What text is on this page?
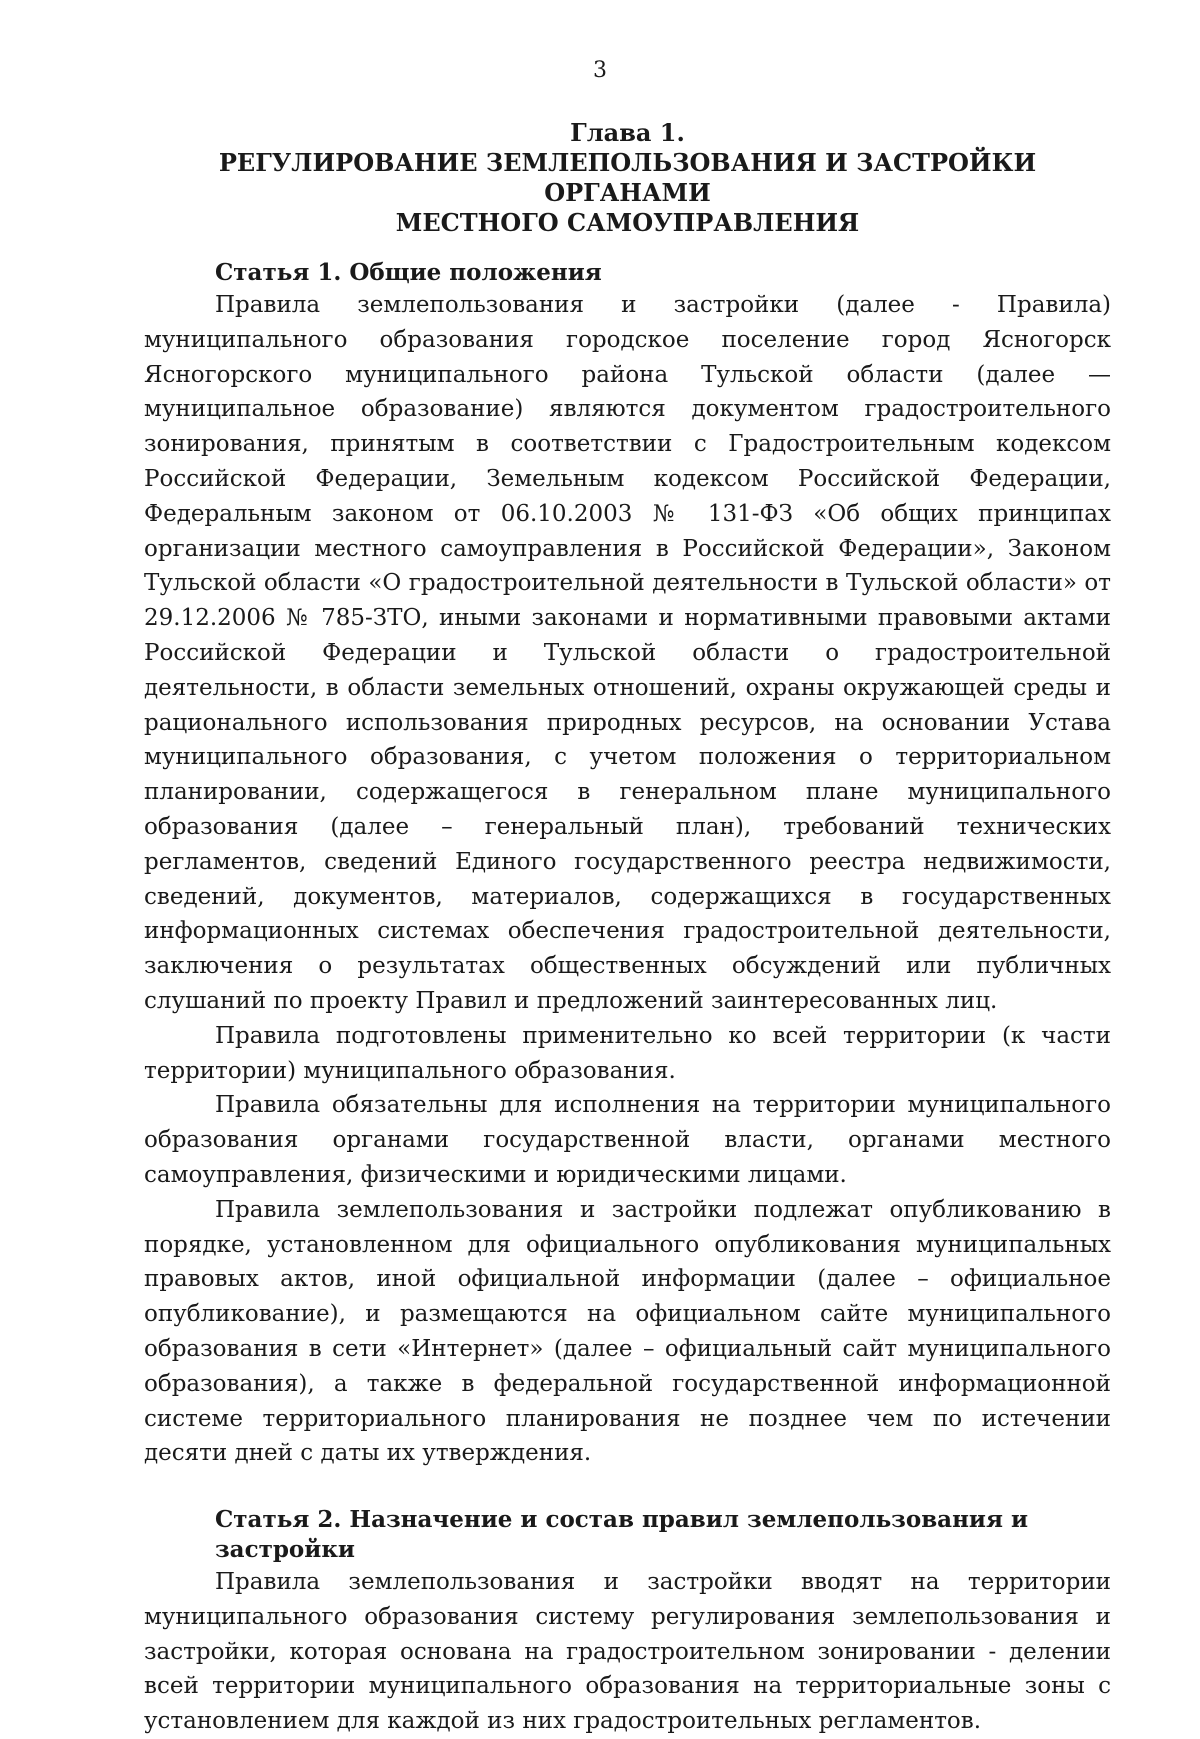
3
Глава 1.
РЕГУЛИРОВАНИЕ ЗЕМЛЕПОЛЬЗОВАНИЯ И ЗАСТРОЙКИ ОРГАНАМИ
МЕСТНОГО САМОУПРАВЛЕНИЯ
Статья 1. Общие положения

Правила землепользования и застройки (далее - Правила) муниципального образования городское поселение город Ясногорск Ясногорского муниципального района Тульской области (далее — муниципальное образование) являются документом градостроительного зонирования, принятым в соответствии с Градостроительным кодексом Российской Федерации, Земельным кодексом Российской Федерации, Федеральным законом от 06.10.2003 № 131-ФЗ «Об общих принципах организации местного самоуправления в Российской Федерации», Законом Тульской области «О градостроительной деятельности в Тульской области» от 29.12.2006 № 785-ЗТО, иными законами и нормативными правовыми актами Российской Федерации и Тульской области о градостроительной деятельности, в области земельных отношений, охраны окружающей среды и рационального использования природных ресурсов, на основании Устава муниципального образования, с учетом положения о территориальном планировании, содержащегося в генеральном плане муниципального образования (далее – генеральный план), требований технических регламентов, сведений Единого государственного реестра недвижимости, сведений, документов, материалов, содержащихся в государственных информационных системах обеспечения градостроительной деятельности, заключения о результатах общественных обсуждений или публичных слушаний по проекту Правил и предложений заинтересованных лиц.

Правила подготовлены применительно ко всей территории (к части территории) муниципального образования.

Правила обязательны для исполнения на территории муниципального образования органами государственной власти, органами местного самоуправления, физическими и юридическими лицами.

Правила землепользования и застройки подлежат опубликованию в порядке, установленном для официального опубликования муниципальных правовых актов, иной официальной информации (далее – официальное опубликование), и размещаются на официальном сайте муниципального образования в сети «Интернет» (далее – официальный сайт муниципального образования), а также в федеральной государственной информационной системе территориального планирования не позднее чем по истечении десяти дней с даты их утверждения.

Статья 2. Назначение и состав правил землепользования и застройки

Правила землепользования и застройки вводят на территории муниципального образования систему регулирования землепользования и застройки, которая основана на градостроительном зонировании - делении всей территории муниципального образования на территориальные зоны с установлением для каждой из них градостроительных регламентов.
